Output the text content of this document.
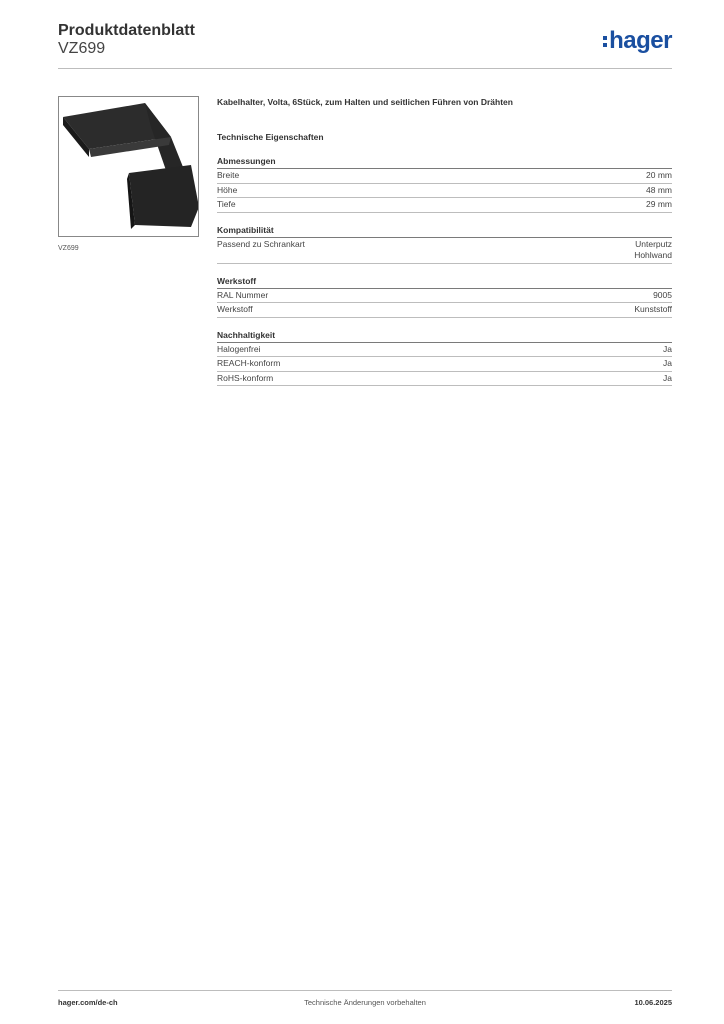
Produktdatenblatt
VZ699	hager
VZ699
Kabelhalter, Volta, 6Stück, zum Halten und seitlichen Führen von Drähten
Technische Eigenschaften
Abmessungen
Breite	20 mm
Höhe	48 mm
Tiefe	29 mm
Kompatibilität
Passend zu Schrankart	Unterputz
Hohlwand
Werkstoff
RAL Nummer	9005
Werkstoff	Kunststoff
Nachhaltigkeit
Halogenfrei	Ja
REACH-konform	Ja
RoHS-konform	Ja
hager.com/de-ch	Technische Änderungen vorbehalten	10.06.2025
